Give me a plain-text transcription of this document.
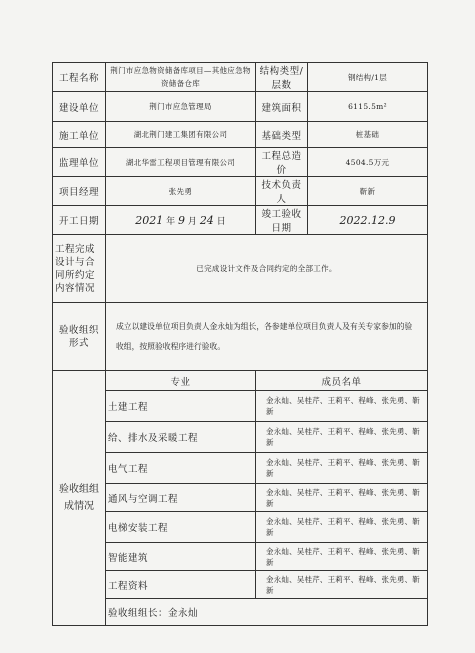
工程名称	荆门市应急物资储备库项目—其他应急物资储备仓库	结构类型/层数	钢结构/1层
建设单位	荆门市应急管理局	建筑面积	6115.5m²
施工单位	湖北荆门建工集团有限公司	基础类型	桩基础
监理单位	湖北华雷工程项目管理有限公司	工程总造价	4504.5万元
项目经理	张先勇	技术负责人	靳新
开工日期	2021 年 9 月 24 日	竣工验收日期	2022.12.9
工程完成设计与合同所约定内容情况	已完成设计文件及合同约定的全部工作。		
验收组织形式	成立以建设单位项目负责人金永灿为组长，各参建单位项目负责人及有关专家参加的验收组，按照验收程序进行验收。		
验收组组成情况	专业	成员名单	
	土建工程	金永灿、吴桂芹、王莉平、程峰、张先勇、靳新	
	给、排水及采暖工程	金永灿、吴桂芹、王莉平、程峰、张先勇、靳新	
	电气工程	金永灿、吴桂芹、王莉平、程峰、张先勇、靳新	
	通风与空调工程	金永灿、吴桂芹、王莉平、程峰、张先勇、靳新	
	电梯安装工程	金永灿、吴桂芹、王莉平、程峰、张先勇、靳新	
	智能建筑	金永灿、吴桂芹、王莉平、程峰、张先勇、靳新	
	工程资料	金永灿、吴桂芹、王莉平、程峰、张先勇、靳新	
	验收组组长：金永灿		
